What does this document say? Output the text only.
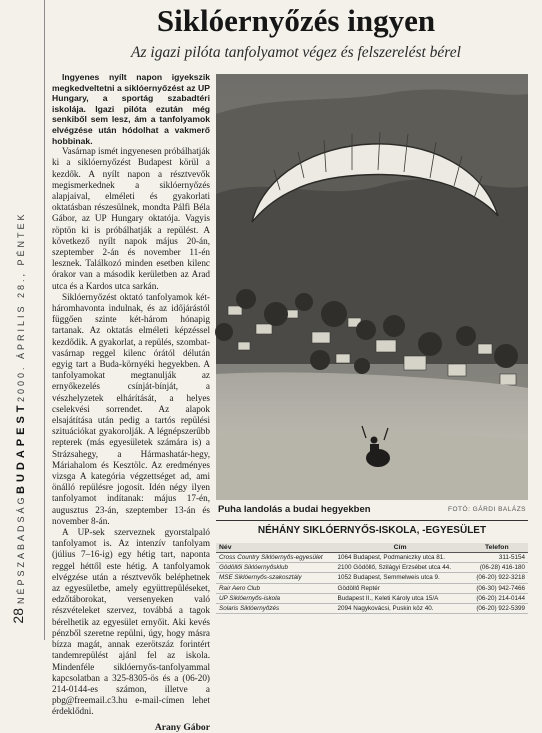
NÉPSZABADSÁG
BUDAPEST
2000. ÁPRILIS 28., PÉNTEK
28
Siklóernyőzés ingyen
Az igazi pilóta tanfolyamot végez és felszerelést bérel

Ingyenes nyílt napon igyekszik megkedveltetni a siklóernyőzést az UP Hungary, a sportág szabadtéri iskolája. Igazi pilóta ezután még senkiből sem lesz, ám a tanfolyamok elvégzése után hódolhat a vakmerő hobbinak.

Vasárnap ismét ingyenesen próbálhatják ki a siklóernyőzést Budapest körül a kezdők. A nyílt napon a résztvevők megismerkednek a siklóernyőzés alapjaival, elméleti és gyakorlati oktatásban részesülnek, mondta Pálfi Béla Gábor, az UP Hungary oktatója. Vagyis röptön ki is próbálhatják a repülést. A következő nyílt napok május 20-án, szeptember 2-án és november 11-én lesznek. Találkozó minden esetben kilenc órakor van a második kerületben az Arad utca és a Kardos utca sarkán.

Siklóernyőzést oktató tanfolyamok két-háromhavonta indulnak, és az időjárástól függően szinte két-három hónapig tartanak. Az oktatás elméleti képzéssel kezdődik. A gyakorlat, a repülés, szombat-vasárnap reggel kilenc órától délután egyig tart a Buda-környéki hegyekben. A tanfolyamokat megtanulják az ernyőkezelés csínját-bínját, a vészhelyzetek elhárítását, a helyes cselekvési sorrendet. Az alapok elsajátítása után pedig a tartós repülési szituációkat gyakorolják. A légnépszerűbb repterek (más egyesületek számára is) a Strázsahegy, a Hármashatár-hegy, Máriahalom és Kesztölc. Az eredményes vizsga A kategória végzettséget ad, ami önálló repülésre jogosít. Idén négy ilyen tanfolyamot indítanak: május 17-én, augusztus 23-án, szeptember 13-án és november 8-án.

A UP-sek szerveznek gyorstalpaló tanfolyamot is. Az intenzív tanfolyam (július 7–16-ig) egy hétig tart, naponta reggel héttől este hétig. A tanfolyamok elvégzése után a résztvevők beléphetnek az egyesületbe, amely együttrepüléseket, edzőtáborokat, versenyeken való részvételeket szervez, továbbá a tagok bérelhetik az egyesület ernyőit. Aki kevés pénzből szeretne repülni, úgy, hogy másra bízza magát, annak ezerötszáz forintért tandemrepülést ajánl fel az iskola. Mindenféle siklóernyős-tanfolyammal kapcsolatban a 325-8305-ös és a (06-20) 214-0144-es számon, illetve a pbg@freemail.c3.hu e-mail-címen lehet érdeklődni.

Arany Gábor
Puha landolás a budai hegyekben	FOTÓ: GÁRDI BALÁZS
NÉHÁNY SIKLÓERNYŐS-ISKOLA, -EGYESÜLET
Név	Cím	Telefon
Cross Country Siklóernyős-egyesület	1064 Budapest, Podmaniczky utca 81.	311-5154
Gödöllői Siklóernyősklub	2100 Gödöllő, Szilágyi Erzsébet utca 44.	(06-28) 416-180
MSE Siklóernyős-szakosztály	1052 Budapest, Semmelweis utca 9.	(06-20) 922-3218
Rair Aero Club	Gödöllő Reptér	(06-30) 942-7466
UP Siklóernyős-iskola	Budapest II., Keleti Károly utca 15/A	(06-20) 214-0144
Solaris Siklóernyőzés	2094 Nagykovácsi, Puskin köz 40.	(06-20) 922-5399
